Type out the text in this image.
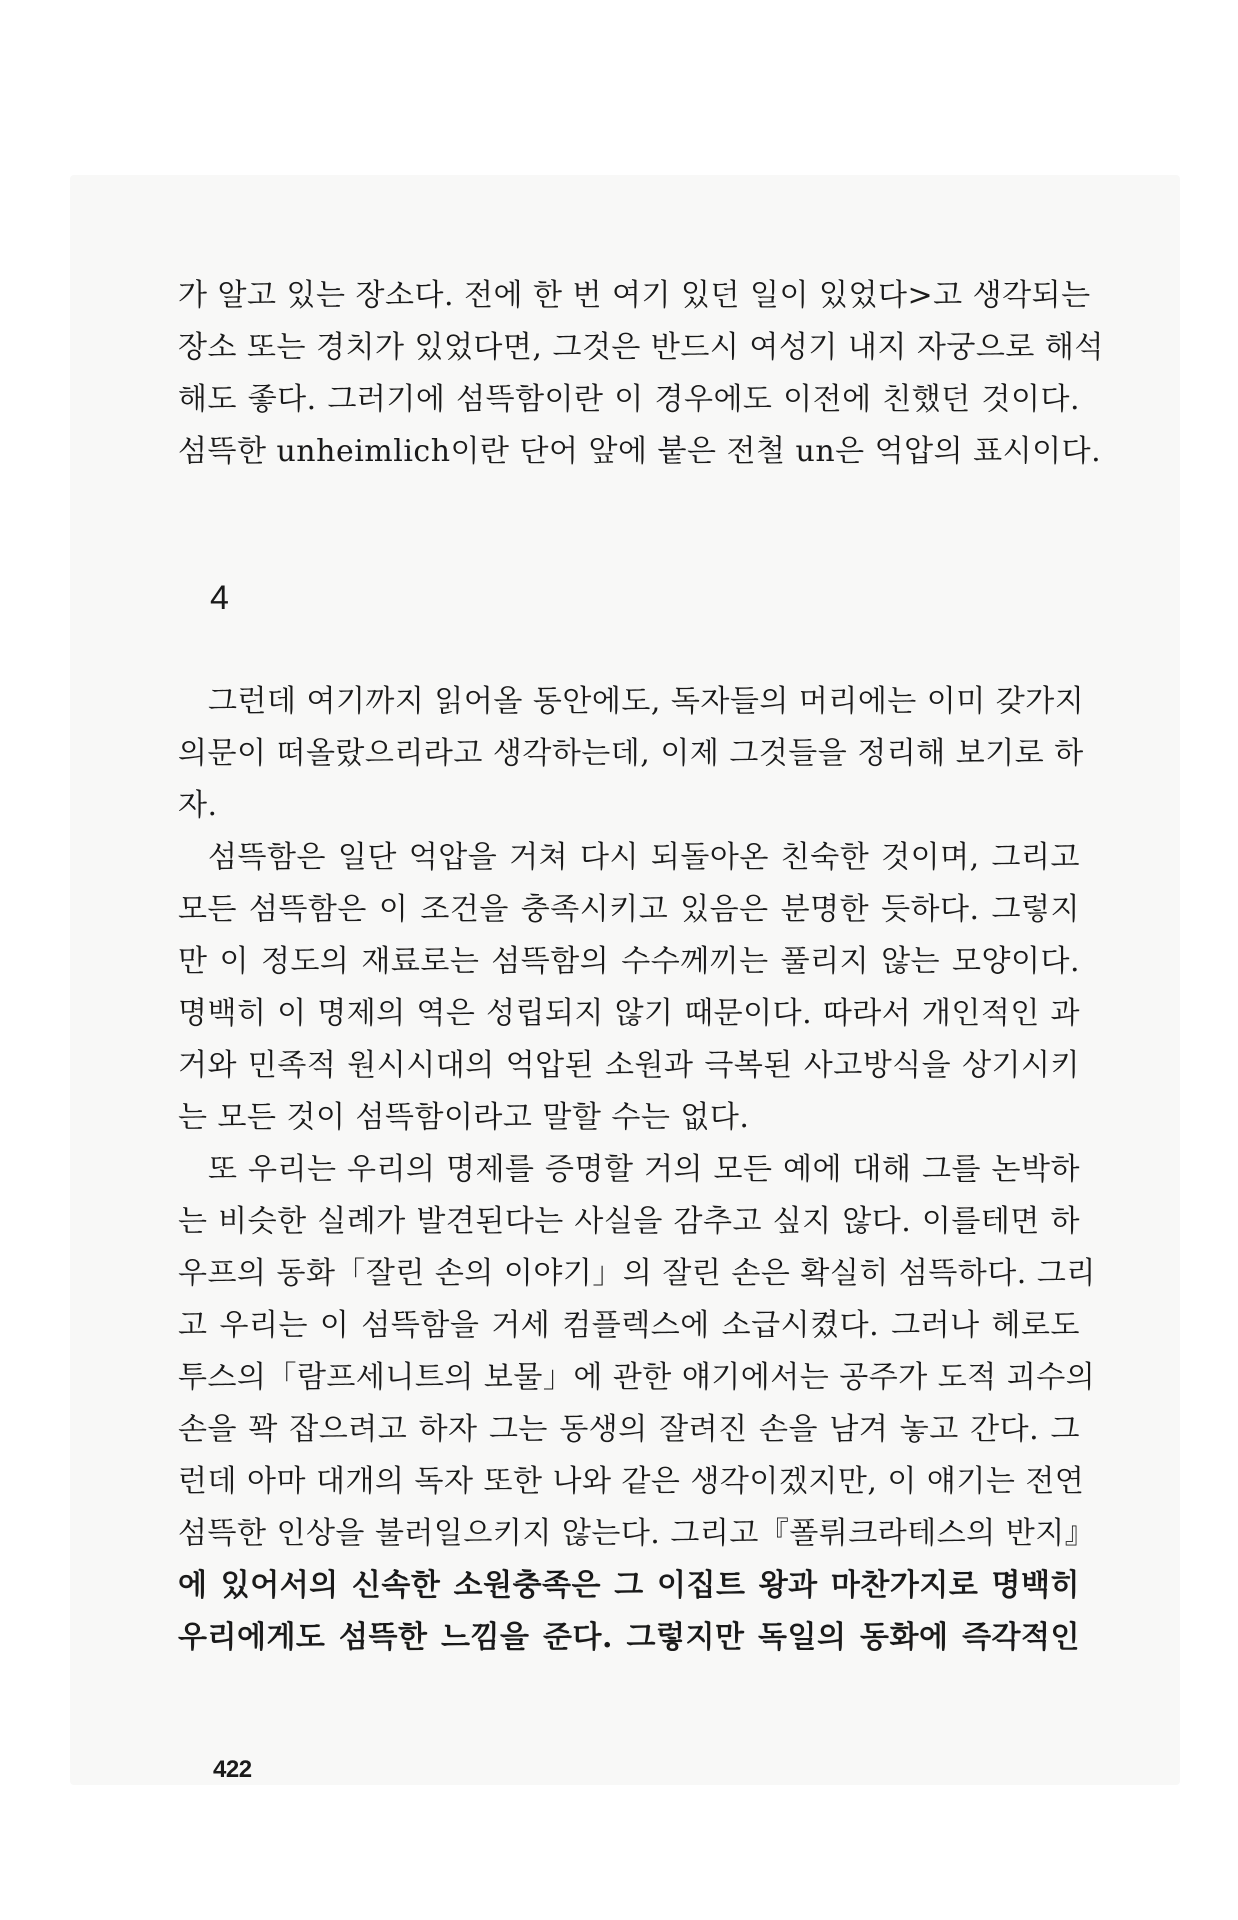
가 알고 있는 장소다. 전에 한 번 여기 있던 일이 있었다>고 생각되는
장소 또는 경치가 있었다면, 그것은 반드시 여성기 내지 자궁으로 해석
해도 좋다. 그러기에 섬뜩함이란 이 경우에도 이전에 친했던 것이다.
섬뜩한 unheimlich이란 단어 앞에 붙은 전철 un은 억압의 표시이다.
4
그런데 여기까지 읽어올 동안에도, 독자들의 머리에는 이미 갖가지
의문이 떠올랐으리라고 생각하는데, 이제 그것들을 정리해 보기로 하
자.
섬뜩함은 일단 억압을 거쳐 다시 되돌아온 친숙한 것이며, 그리고
모든 섬뜩함은 이 조건을 충족시키고 있음은 분명한 듯하다. 그렇지
만 이 정도의 재료로는 섬뜩함의 수수께끼는 풀리지 않는 모양이다.
명백히 이 명제의 역은 성립되지 않기 때문이다. 따라서 개인적인 과
거와 민족적 원시시대의 억압된 소원과 극복된 사고방식을 상기시키
는 모든 것이 섬뜩함이라고 말할 수는 없다.
또 우리는 우리의 명제를 증명할 거의 모든 예에 대해 그를 논박하
는 비슷한 실례가 발견된다는 사실을 감추고 싶지 않다. 이를테면 하
우프의 동화「잘린 손의 이야기」의 잘린 손은 확실히 섬뜩하다. 그리
고 우리는 이 섬뜩함을 거세 컴플렉스에 소급시켰다. 그러나 헤로도
투스의「람프세니트의 보물」에 관한 얘기에서는 공주가 도적 괴수의
손을 꽉 잡으려고 하자 그는 동생의 잘려진 손을 남겨 놓고 간다. 그
런데 아마 대개의 독자 또한 나와 같은 생각이겠지만, 이 얘기는 전연
섬뜩한 인상을 불러일으키지 않는다. 그리고『폴뤼크라테스의 반지』
에 있어서의 신속한 소원충족은 그 이집트 왕과 마찬가지로 명백히
우리에게도 섬뜩한 느낌을 준다. 그렇지만 독일의 동화에 즉각적인
422
